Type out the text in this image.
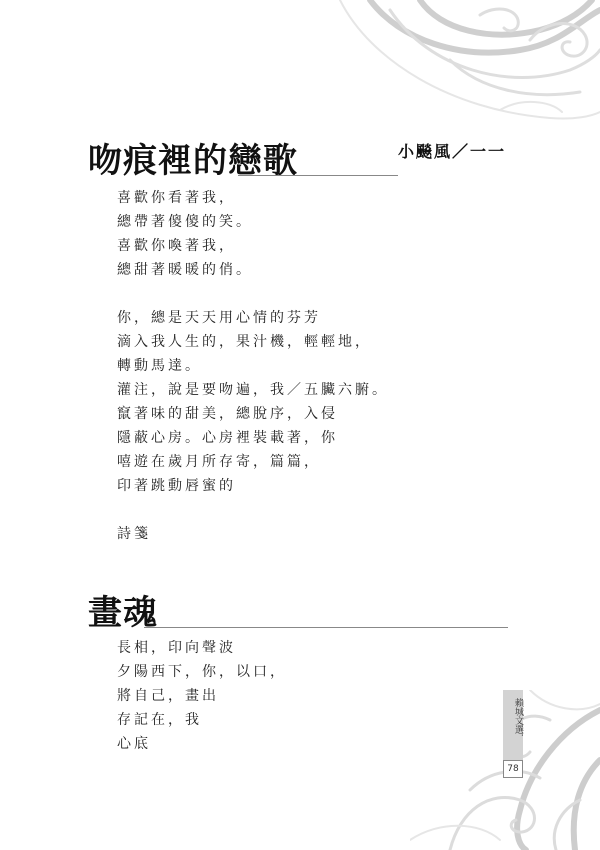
吻痕裡的戀歌	小飈風／一一
喜歡你看著我，
總帶著傻傻的笑。
喜歡你喚著我，
總甜著暖暖的俏。
你，總是天天用心情的芬芳
滴入我人生的，果汁機，輕輕地，
轉動馬達。
灌注，說是要吻遍，我／五臟六腑。
竄著味的甜美，總脫序，入侵
隱蔽心房。心房裡裝載著，你
嘻遊在歲月所存寄，篇篇，
印著跳動唇蜜的
詩箋
畫魂
長相，印向聲波
夕陽西下，你，以口，
將自己，畫出
存記在，我
心底
賴城文選．
78
